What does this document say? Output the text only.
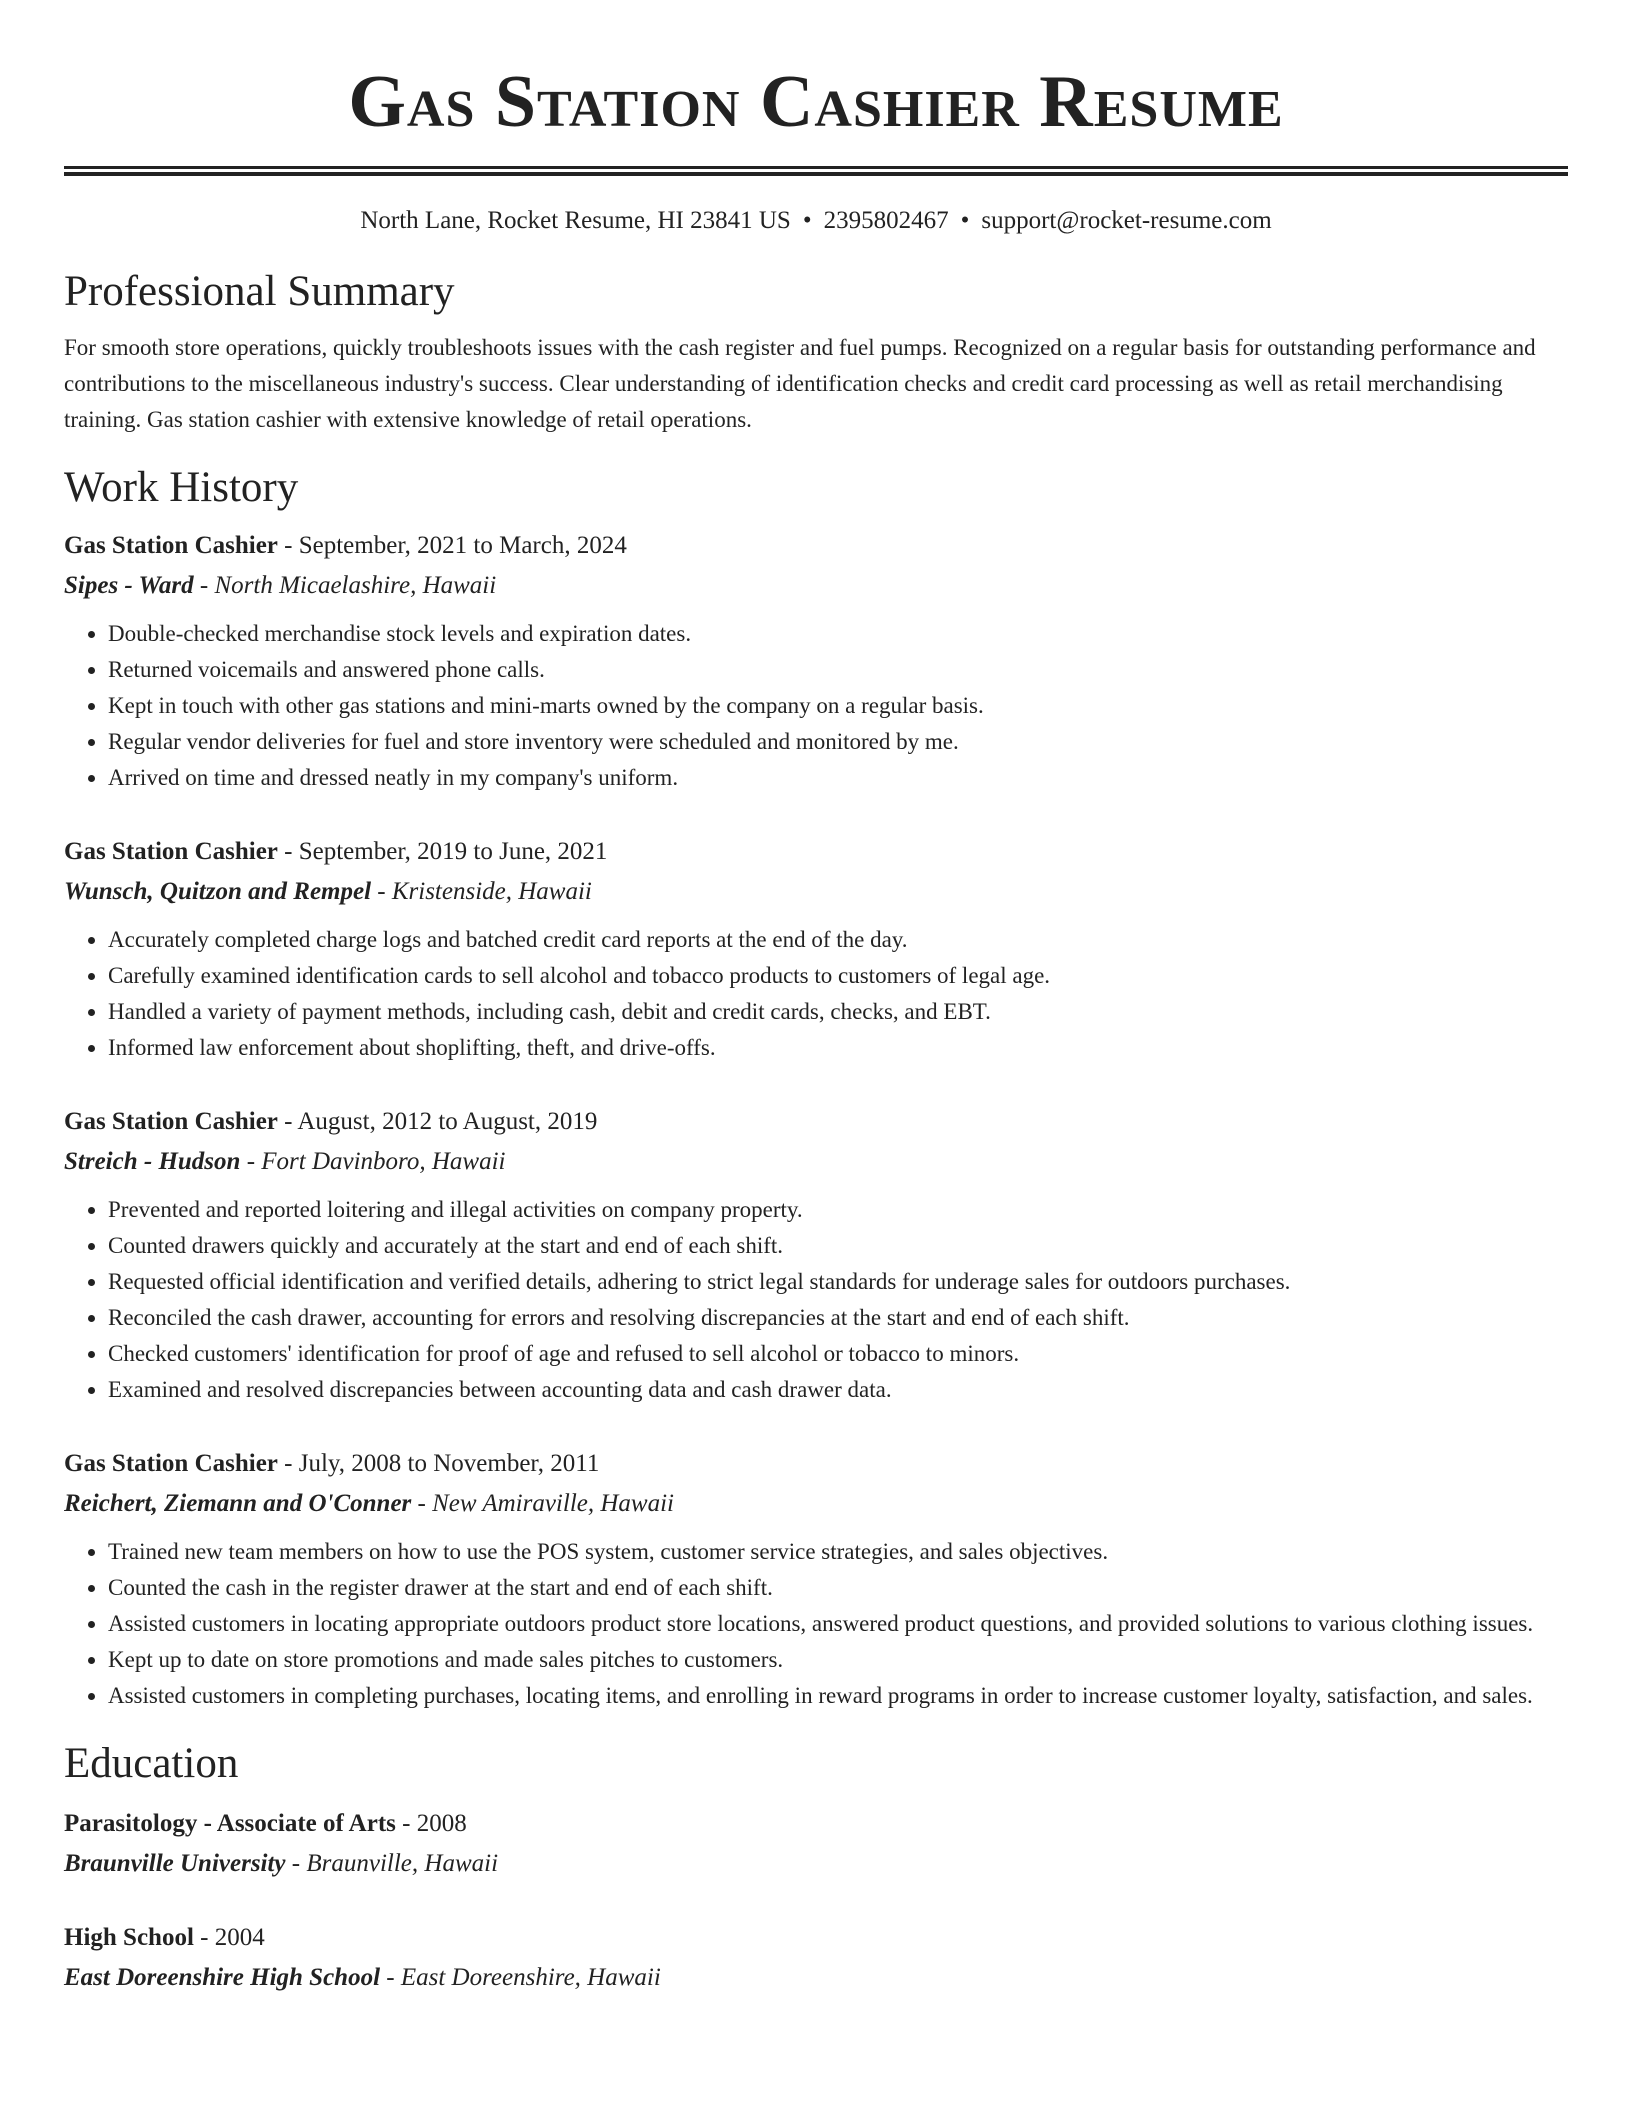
Gas Station Cashier Resume
North Lane, Rocket Resume, HI 23841 US • 2395802467 • support@rocket-resume.com
Professional Summary

For smooth store operations, quickly troubleshoots issues with the cash register and fuel pumps. Recognized on a regular basis for outstanding performance and contributions to the miscellaneous industry's success. Clear understanding of identification checks and credit card processing as well as retail merchandising training. Gas station cashier with extensive knowledge of retail operations.

Work History
Gas Station Cashier - September, 2021 to March, 2024
Sipes - Ward - North Micaelashire, Hawaii
• Double-checked merchandise stock levels and expiration dates.
• Returned voicemails and answered phone calls.
• Kept in touch with other gas stations and mini-marts owned by the company on a regular basis.
• Regular vendor deliveries for fuel and store inventory were scheduled and monitored by me.
• Arrived on time and dressed neatly in my company's uniform.
Gas Station Cashier - September, 2019 to June, 2021
Wunsch, Quitzon and Rempel - Kristenside, Hawaii
• Accurately completed charge logs and batched credit card reports at the end of the day.
• Carefully examined identification cards to sell alcohol and tobacco products to customers of legal age.
• Handled a variety of payment methods, including cash, debit and credit cards, checks, and EBT.
• Informed law enforcement about shoplifting, theft, and drive-offs.
Gas Station Cashier - August, 2012 to August, 2019
Streich - Hudson - Fort Davinboro, Hawaii
• Prevented and reported loitering and illegal activities on company property.
• Counted drawers quickly and accurately at the start and end of each shift.
• Requested official identification and verified details, adhering to strict legal standards for underage sales for outdoors purchases.
• Reconciled the cash drawer, accounting for errors and resolving discrepancies at the start and end of each shift.
• Checked customers' identification for proof of age and refused to sell alcohol or tobacco to minors.
• Examined and resolved discrepancies between accounting data and cash drawer data.
Gas Station Cashier - July, 2008 to November, 2011
Reichert, Ziemann and O'Conner - New Amiraville, Hawaii
• Trained new team members on how to use the POS system, customer service strategies, and sales objectives.
• Counted the cash in the register drawer at the start and end of each shift.
• Assisted customers in locating appropriate outdoors product store locations, answered product questions, and provided solutions to various clothing issues.
• Kept up to date on store promotions and made sales pitches to customers.
• Assisted customers in completing purchases, locating items, and enrolling in reward programs in order to increase customer loyalty, satisfaction, and sales.
Education
Parasitology - Associate of Arts - 2008
Braunville University - Braunville, Hawaii
High School - 2004
East Doreenshire High School - East Doreenshire, Hawaii
